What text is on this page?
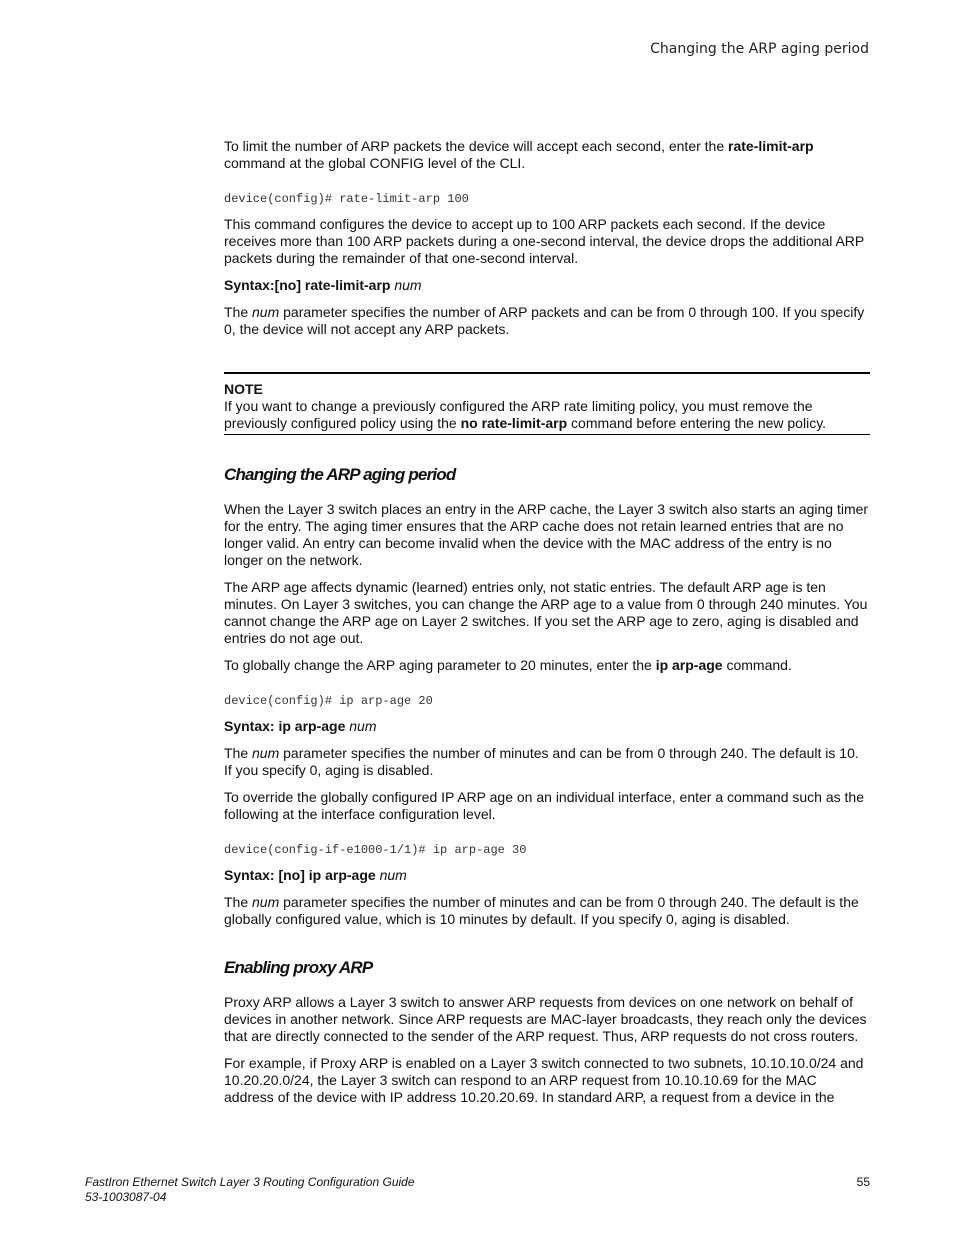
Changing the ARP aging period

To limit the number of ARP packets the device will accept each second, enter the rate-limit-arp command at the global CONFIG level of the CLI.

device(config)# rate-limit-arp 100

This command configures the device to accept up to 100 ARP packets each second. If the device receives more than 100 ARP packets during a one-second interval, the device drops the additional ARP packets during the remainder of that one-second interval.

Syntax:[no] rate-limit-arp num

The num parameter specifies the number of ARP packets and can be from 0 through 100. If you specify 0, the device will not accept any ARP packets.

NOTE

If you want to change a previously configured the ARP rate limiting policy, you must remove the previously configured policy using the no rate-limit-arp command before entering the new policy.

Changing the ARP aging period

When the Layer 3 switch places an entry in the ARP cache, the Layer 3 switch also starts an aging timer for the entry. The aging timer ensures that the ARP cache does not retain learned entries that are no longer valid. An entry can become invalid when the device with the MAC address of the entry is no longer on the network.

The ARP age affects dynamic (learned) entries only, not static entries. The default ARP age is ten minutes. On Layer 3 switches, you can change the ARP age to a value from 0 through 240 minutes. You cannot change the ARP age on Layer 2 switches. If you set the ARP age to zero, aging is disabled and entries do not age out.

To globally change the ARP aging parameter to 20 minutes, enter the ip arp-age command.

device(config)# ip arp-age 20

Syntax: ip arp-age num

The num parameter specifies the number of minutes and can be from 0 through 240. The default is 10. If you specify 0, aging is disabled.

To override the globally configured IP ARP age on an individual interface, enter a command such as the following at the interface configuration level.

device(config-if-e1000-1/1)# ip arp-age 30

Syntax: [no] ip arp-age num

The num parameter specifies the number of minutes and can be from 0 through 240. The default is the globally configured value, which is 10 minutes by default. If you specify 0, aging is disabled.

Enabling proxy ARP

Proxy ARP allows a Layer 3 switch to answer ARP requests from devices on one network on behalf of devices in another network. Since ARP requests are MAC-layer broadcasts, they reach only the devices that are directly connected to the sender of the ARP request. Thus, ARP requests do not cross routers.

For example, if Proxy ARP is enabled on a Layer 3 switch connected to two subnets, 10.10.10.0/24 and 10.20.20.0/24, the Layer 3 switch can respond to an ARP request from 10.10.10.69 for the MAC address of the device with IP address 10.20.20.69. In standard ARP, a request from a device in the

FastIron Ethernet Switch Layer 3 Routing Configuration Guide
53-1003087-04
55
